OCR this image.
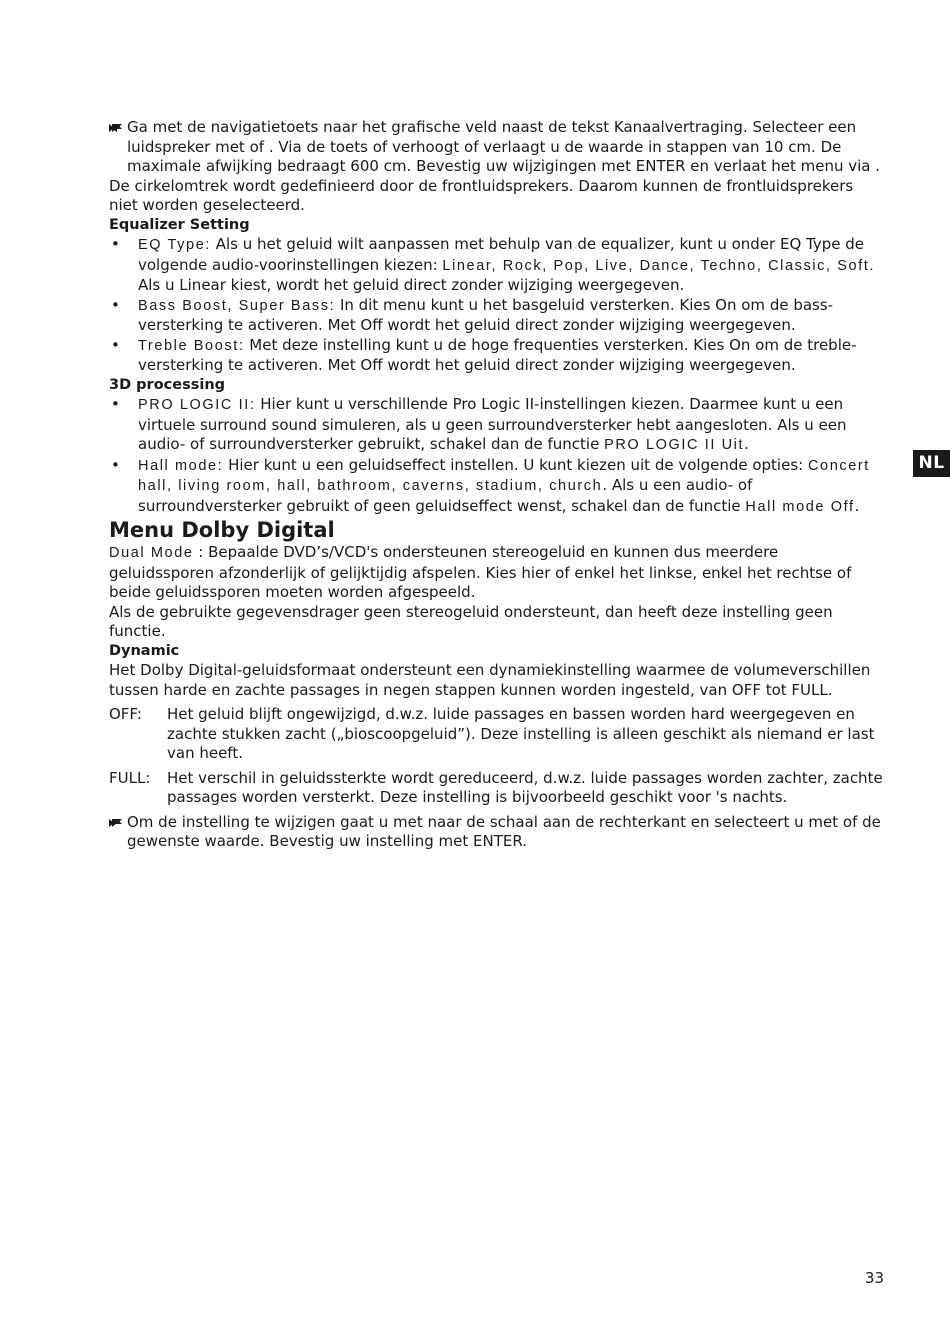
Ga met de navigatietoets naar het grafische veld naast de tekst Kanaalvertraging. Selecteer een luidspreker met of . Via de toets of verhoogt of verlaagt u de waarde in stappen van 10 cm. De maximale afwijking bedraagt 600 cm. Bevestig uw wijzigingen met ENTER en verlaat het menu via .

De cirkelomtrek wordt gedefinieerd door de frontluidsprekers. Daarom kunnen de frontluidsprekers niet worden geselecteerd.

Equalizer Setting

• EQ Type: Als u het geluid wilt aanpassen met behulp van de equalizer, kunt u onder EQ Type de volgende audio-voorinstellingen kiezen: Linear, Rock, Pop, Live, Dance, Techno, Classic, Soft. Als u Linear kiest, wordt het geluid direct zonder wijziging weergegeven.
• Bass Boost, Super Bass: In dit menu kunt u het basgeluid versterken. Kies On om de bass-versterking te activeren. Met Off wordt het geluid direct zonder wijziging weergegeven.
• Treble Boost: Met deze instelling kunt u de hoge frequenties versterken. Kies On om de treble-versterking te activeren. Met Off wordt het geluid direct zonder wijziging weergegeven.

3D processing

• PRO LOGIC II: Hier kunt u verschillende Pro Logic II-instellingen kiezen. Daarmee kunt u een virtuele surround sound simuleren, als u geen surroundversterker hebt aangesloten. Als u een audio- of surroundversterker gebruikt, schakel dan de functie PRO LOGIC II Uit.
• Hall mode: Hier kunt u een geluidseffect instellen. U kunt kiezen uit de volgende opties: Concert hall, living room, hall, bathroom, caverns, stadium, church. Als u een audio- of surroundversterker gebruikt of geen geluidseffect wenst, schakel dan de functie Hall mode Off.

Menu Dolby Digital

Dual Mode : Bepaalde DVD’s/VCD's ondersteunen stereogeluid en kunnen dus meerdere geluidssporen afzonderlijk of gelijktijdig afspelen. Kies hier of enkel het linkse, enkel het rechtse of beide geluidssporen moeten worden afgespeeld.

Als de gebruikte gegevensdrager geen stereogeluid ondersteunt, dan heeft deze instelling geen functie.

Dynamic

Het Dolby Digital-geluidsformaat ondersteunt een dynamiekinstelling waarmee de volumeverschillen tussen harde en zachte passages in negen stappen kunnen worden ingesteld, van OFF tot FULL.

OFF:	Het geluid blijft ongewijzigd, d.w.z. luide passages en bassen worden hard weergegeven en zachte stukken zacht („bioscoopgeluid”). Deze instelling is alleen geschikt als niemand er last van heeft.
FULL:	Het verschil in geluidssterkte wordt gereduceerd, d.w.z. luide passages worden zachter, zachte passages worden versterkt. Deze instelling is bijvoorbeeld geschikt voor 's nachts.

Om de instelling te wijzigen gaat u met naar de schaal aan de rechterkant en selecteert u met of de gewenste waarde. Bevestig uw instelling met ENTER.

NL
33
